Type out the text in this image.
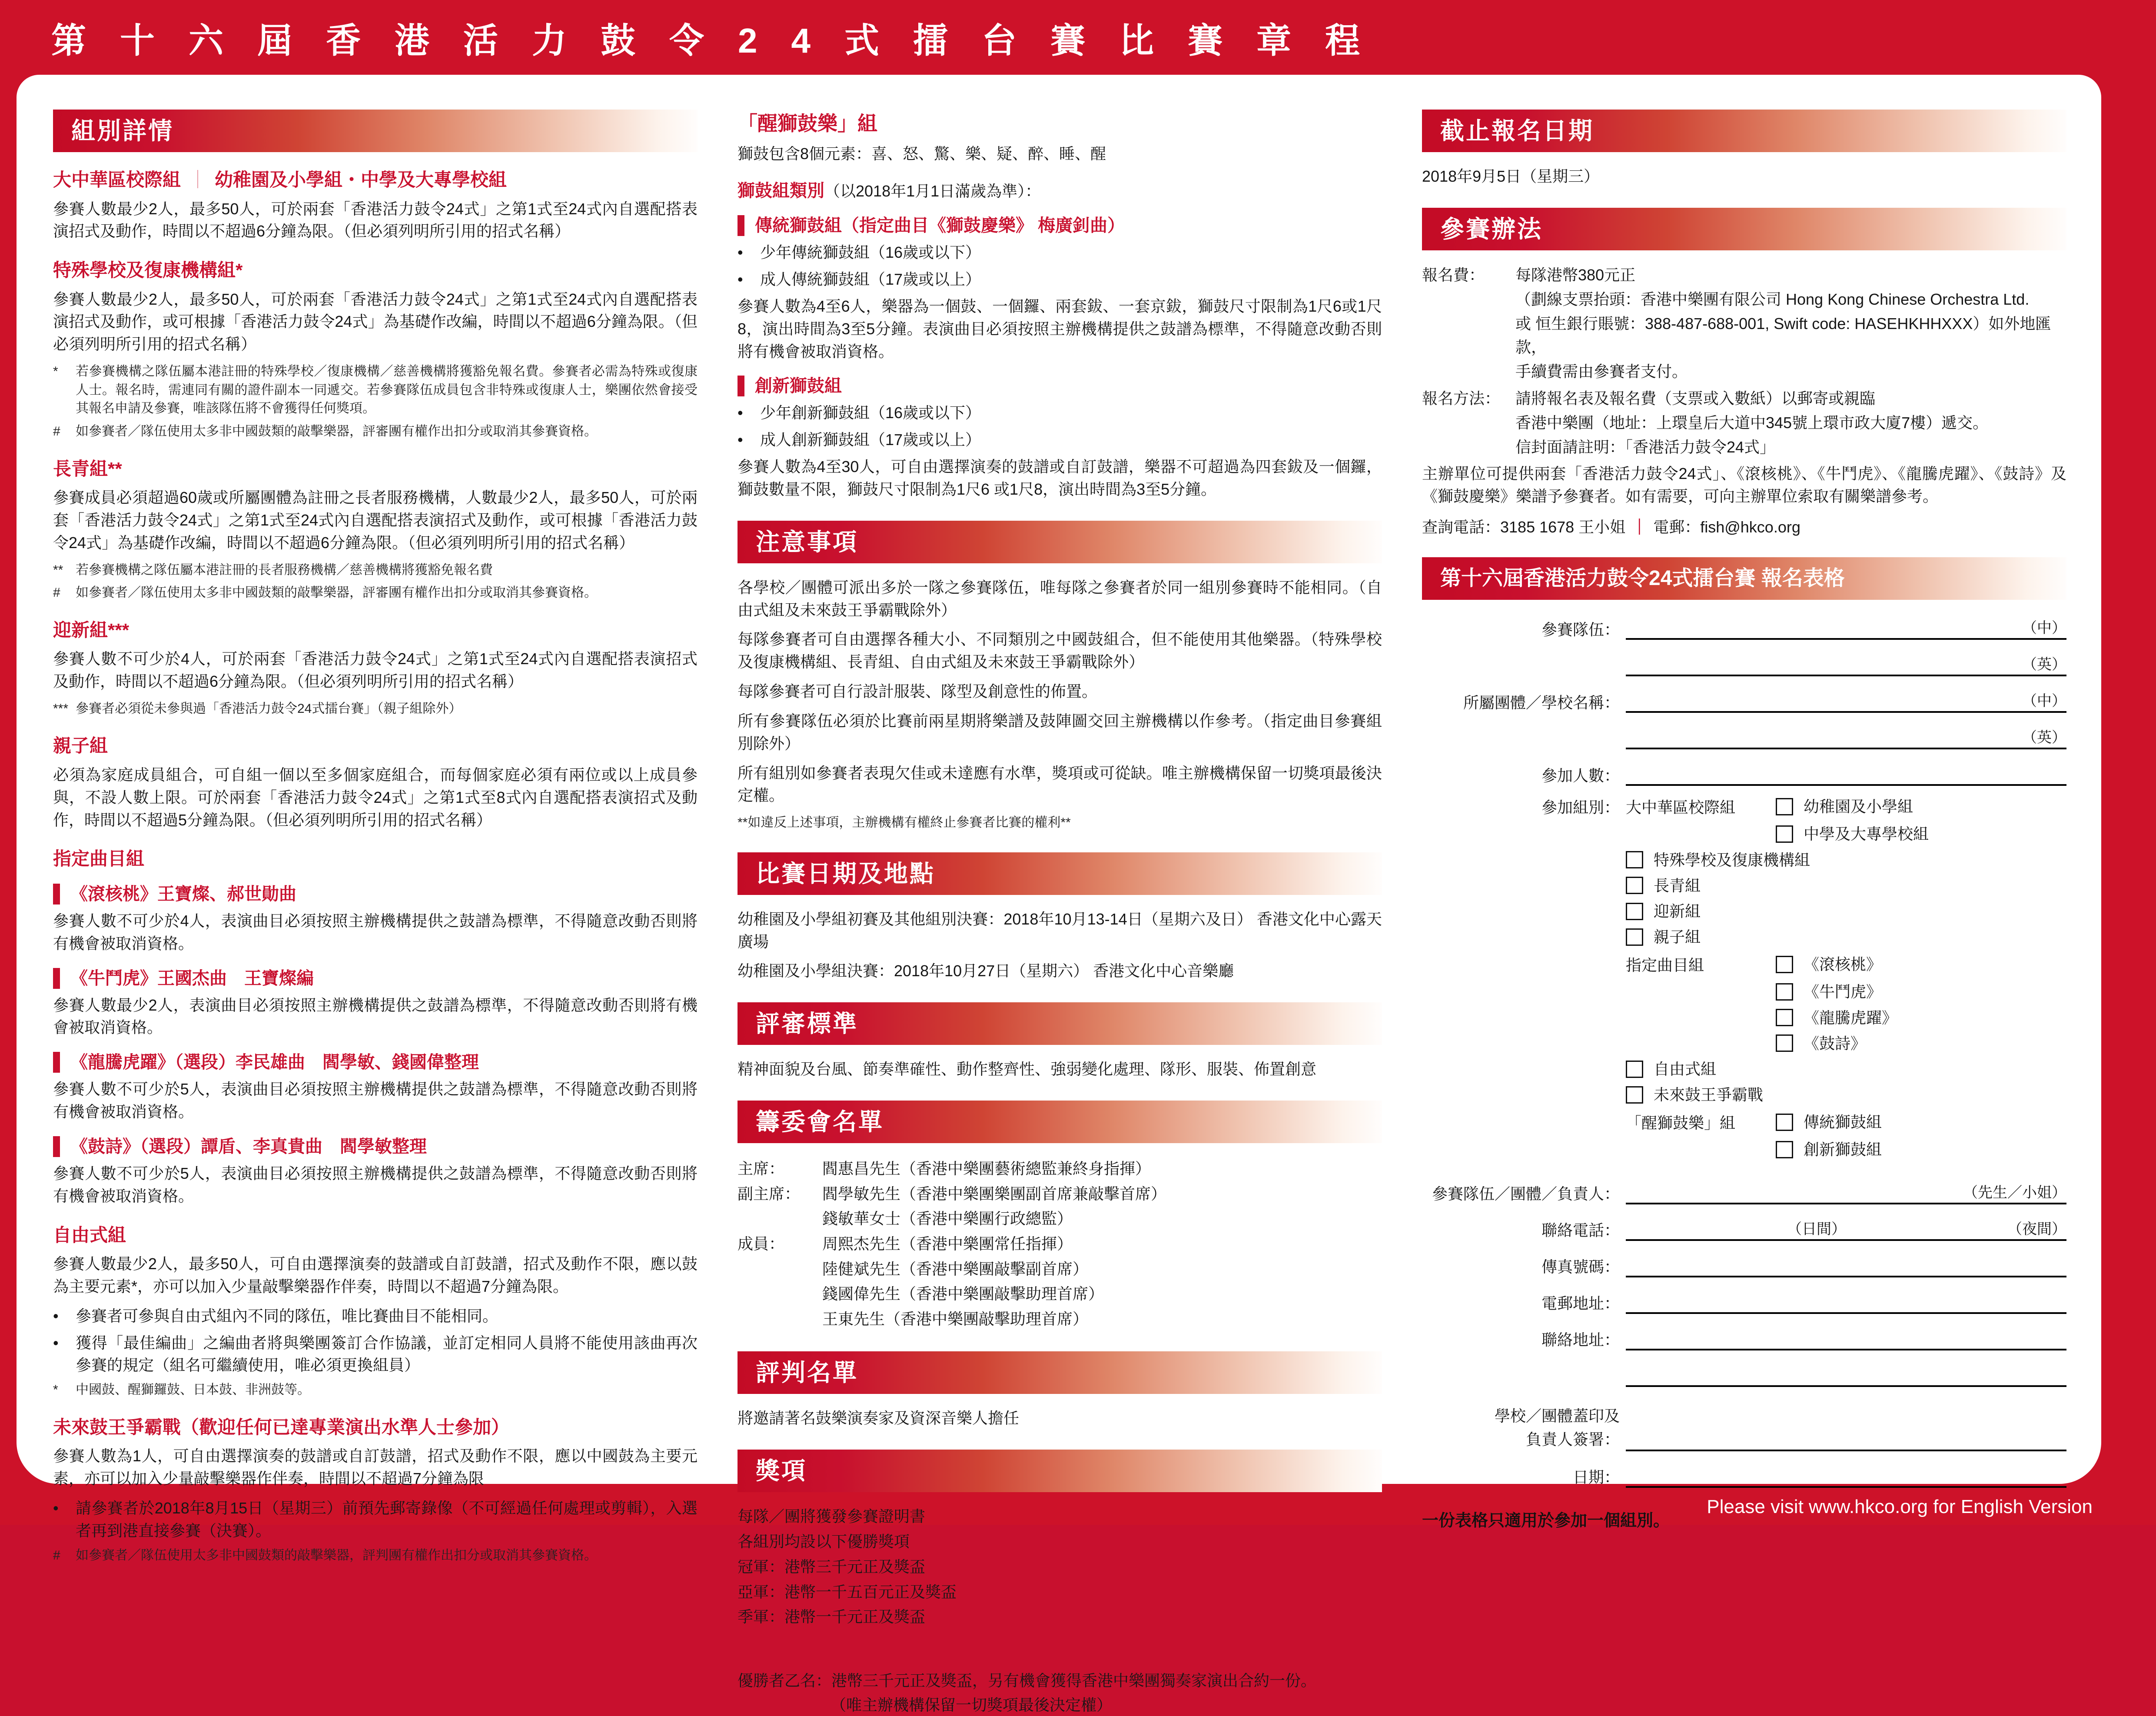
第十六屆香港活力鼓令24式擂台賽比賽章程
組別詳情
大中華區校際組 ｜ 幼稚園及小學組・中學及大專學校組

參賽人數最少2人，最多50人，可於兩套「香港活力鼓令24式」之第1式至24式內自選配搭表演招式及動作，時間以不超過6分鐘為限。（但必須列明所引用的招式名稱）

特殊學校及復康機構組*

參賽人數最少2人，最多50人，可於兩套「香港活力鼓令24式」之第1式至24式內自選配搭表演招式及動作，或可根據「香港活力鼓令24式」為基礎作改編，時間以不超過6分鐘為限。（但必須列明所引用的招式名稱）

*	若參賽機構之隊伍屬本港註冊的特殊學校／復康機構／慈善機構將獲豁免報名費。參賽者必需為特殊或復康人士。報名時，需連同有關的證件副本一同遞交。若參賽隊伍成員包含非特殊或復康人士，樂團依然會接受其報名申請及參賽，唯該隊伍將不會獲得任何獎項。
#	如參賽者／隊伍使用太多非中國鼓類的敲擊樂器，評審團有權作出扣分或取消其參賽資格。
長青組**

參賽成員必須超過60歲或所屬團體為註冊之長者服務機構，人數最少2人，最多50人，可於兩套「香港活力鼓令24式」之第1式至24式內自選配搭表演招式及動作，或可根據「香港活力鼓令24式」為基礎作改編，時間以不超過6分鐘為限。（但必須列明所引用的招式名稱）

** 若參賽機構之隊伍屬本港註冊的長者服務機構／慈善機構將獲豁免報名費
#	如參賽者／隊伍使用太多非中國鼓類的敲擊樂器，評審團有權作出扣分或取消其參賽資格。
迎新組***

參賽人數不可少於4人，可於兩套「香港活力鼓令24式」之第1式至24式內自選配搭表演招式及動作，時間以不超過6分鐘為限。（但必須列明所引用的招式名稱）

*** 參賽者必須從未參與過「香港活力鼓令24式擂台賽」（親子組除外）
親子組

必須為家庭成員組合，可自組一個以至多個家庭組合，而每個家庭必須有兩位或以上成員參與，不設人數上限。可於兩套「香港活力鼓令24式」之第1式至8式內自選配搭表演招式及動作，時間以不超過5分鐘為限。（但必須列明所引用的招式名稱）

指定曲目組
《滾核桃》王寶燦、郝世勛曲

參賽人數不可少於4人，表演曲目必須按照主辦機構提供之鼓譜為標準，不得隨意改動否則將有機會被取消資格。

《牛鬥虎》王國杰曲　王寶燦編

參賽人數最少2人，表演曲目必須按照主辦機構提供之鼓譜為標準，不得隨意改動否則將有機會被取消資格。

《龍騰虎躍》（選段）李民雄曲　閻學敏、錢國偉整理

參賽人數不可少於5人，表演曲目必須按照主辦機構提供之鼓譜為標準，不得隨意改動否則將有機會被取消資格。

《鼓詩》（選段）譚盾、李真貴曲　閻學敏整理

參賽人數不可少於5人，表演曲目必須按照主辦機構提供之鼓譜為標準，不得隨意改動否則將有機會被取消資格。

自由式組

參賽人數最少2人，最多50人，可自由選擇演奏的鼓譜或自訂鼓譜，招式及動作不限，應以鼓為主要元素*，亦可以加入少量敲擊樂器作伴奏，時間以不超過7分鐘為限。

• 參賽者可參與自由式組內不同的隊伍，唯比賽曲目不能相同。
• 獲得「最佳編曲」之編曲者將與樂團簽訂合作協議，並訂定相同人員將不能使用該曲再次參賽的規定（組名可繼續使用，唯必須更換組員）
*	中國鼓、醒獅鑼鼓、日本鼓、非洲鼓等。
未來鼓王爭霸戰（歡迎任何已達專業演出水準人士參加）

參賽人數為1人，可自由選擇演奏的鼓譜或自訂鼓譜，招式及動作不限，應以中國鼓為主要元素，亦可以加入少量敲擊樂器作伴奏，時間以不超過7分鐘為限

• 請參賽者於2018年8月15日（星期三）前預先郵寄錄像（不可經過任何處理或剪輯），入選者再到港直接參賽（決賽）。
#	如參賽者／隊伍使用太多非中國鼓類的敲擊樂器，評判團有權作出扣分或取消其參賽資格。
「醒獅鼓樂」組

獅鼓包含8個元素：喜、怒、驚、樂、疑、醉、睡、醒

獅鼓組類別（以2018年1月1日滿歲為準）：
傳統獅鼓組（指定曲目《獅鼓慶樂》 梅廣釗曲）
• 少年傳統獅鼓組（16歲或以下）
• 成人傳統獅鼓組（17歲或以上）

參賽人數為4至6人，樂器為一個鼓、一個鑼、兩套鈸、一套京鈸，獅鼓尺寸限制為1尺6或1尺8，演出時間為3至5分鐘。表演曲目必須按照主辦機構提供之鼓譜為標準，不得隨意改動否則將有機會被取消資格。

創新獅鼓組
• 少年創新獅鼓組（16歲或以下）
• 成人創新獅鼓組（17歲或以上）

參賽人數為4至30人，可自由選擇演奏的鼓譜或自訂鼓譜，樂器不可超過為四套鈸及一個鑼，獅鼓數量不限，獅鼓尺寸限制為1尺6 或1尺8，演出時間為3至5分鐘。

注意事項

各學校／團體可派出多於一隊之參賽隊伍，唯每隊之參賽者於同一組別參賽時不能相同。（自由式組及未來鼓王爭霸戰除外）

每隊參賽者可自由選擇各種大小、不同類別之中國鼓組合，但不能使用其他樂器。（特殊學校及復康機構組、長青組、自由式組及未來鼓王爭霸戰除外）

每隊參賽者可自行設計服裝、隊型及創意性的佈置。

所有參賽隊伍必須於比賽前兩星期將樂譜及鼓陣圖交回主辦機構以作參考。（指定曲目參賽組別除外）

所有組別如參賽者表現欠佳或未達應有水準，獎項或可從缺。唯主辦機構保留一切獎項最後決定權。

**如違反上述事項，主辦機構有權終止參賽者比賽的權利**
比賽日期及地點

幼稚園及小學組初賽及其他組別決賽：2018年10月13-14日（星期六及日） 香港文化中心露天廣場

幼稚園及小學組決賽：2018年10月27日（星期六） 香港文化中心音樂廳

評審標準

精神面貌及台風、節奏準確性、動作整齊性、強弱變化處理、隊形、服裝、佈置創意

籌委會名單
主席：	閻惠昌先生（香港中樂團藝術總監兼終身指揮）
副主席：	閻學敏先生（香港中樂團樂團副首席兼敲擊首席）
錢敏華女士（香港中樂團行政總監）
成員：	周熙杰先生（香港中樂團常任指揮）
陸健斌先生（香港中樂團敲擊副首席）
錢國偉先生（香港中樂團敲擊助理首席）
王東先生（香港中樂團敲擊助理首席）
評判名單

將邀請著名鼓樂演奏家及資深音樂人擔任

獎項

每隊／團將獲發參賽證明書

各組別均設以下優勝獎項

冠軍：港幣三千元正及獎盃

亞軍：港幣一千五百元正及獎盃

季軍：港幣一千元正及獎盃

未來鼓王爭霸戰比賽

優勝者乙名：港幣三千元正及獎盃，另有機會獲得香港中樂團獨奏家演出合約一份。

（唯主辦機構保留一切獎項最後決定權）

截止報名日期

2018年9月5日（星期三）

參賽辦法
報名費：	每隊港幣380元正
（劃線支票抬頭：香港中樂團有限公司 Hong Kong Chinese Orchestra Ltd.
或 恒生銀行賬號：388-487-688-001, Swift code: HASEHKHHXXX）如外地匯款，
手續費需由參賽者支付。
報名方法： 請將報名表及報名費（支票或入數紙）以郵寄或親臨
香港中樂團（地址：上環皇后大道中345號上環市政大廈7樓）遞交。
信封面請註明：「香港活力鼓令24式」

主辦單位可提供兩套「香港活力鼓令24式」、《滾核桃》、《牛鬥虎》、《龍騰虎躍》、《鼓詩》及《獅鼓慶樂》樂譜予參賽者。如有需要，可向主辦單位索取有關樂譜參考。

查詢電話：3185 1678 王小姐 ｜ 電郵：fish@hkco.org
第十六屆香港活力鼓令24式擂台賽 報名表格
參賽隊伍：	（中）
（英）
所屬團體／學校名稱：	（中）
（英）
參加人數：
參加組別： 大中華區校際組	幼稚園及小學組
中學及大專學校組
特殊學校及復康機構組
長青組
迎新組
親子組
指定曲目組	《滾核桃》
《牛鬥虎》
《龍騰虎躍》
《鼓詩》
自由式組
未來鼓王爭霸戰
「醒獅鼓樂」組	傳統獅鼓組
創新獅鼓組
參賽隊伍／團體／負責人：	（先生／小姐）
聯絡電話：	（日間）	（夜間）
傳真號碼：
電郵地址：
聯絡地址：
學校／團體蓋印及
負責人簽署：
日期：
一份表格只適用於參加一個組別。
Please visit www.hkco.org for English Version
